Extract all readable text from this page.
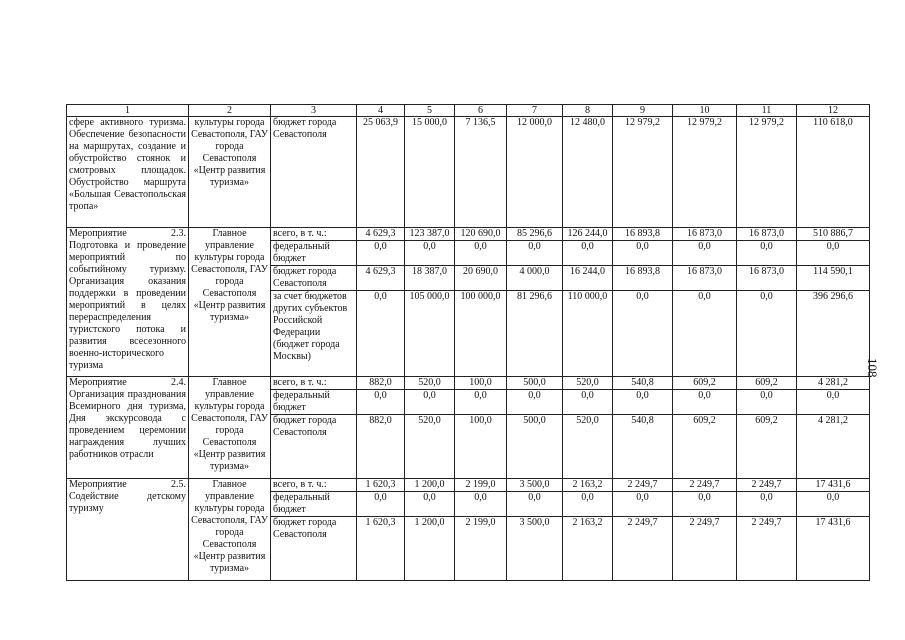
1	2	3	4	5	6	7	8	9	10	11	12
сфере активного туризма. Обеспечение безопасности на маршрутах, создание и обустройство стоянок и смотровых площадок. Обустройство маршрута «Большая Севастопольская тропа»	культуры города Севастополя, ГАУ города Севастополя «Центр развития туризма»	бюджет города Севастополя	25 063,9	15 000,0	7 136,5	12 000,0	12 480,0	12 979,2	12 979,2	12 979,2	110 618,0
Мероприятие 2.3. Подготовка и проведение мероприятий по событийному туризму. Организация оказания поддержки в проведении мероприятий в целях перераспределения туристского потока и развития всесезонного военно-исторического туризма	Главное управление культуры города Севастополя, ГАУ города Севастополя «Центр развития туризма»	всего, в т. ч.:	4 629,3	123 387,0	120 690,0	85 296,6	126 244,0	16 893,8	16 873,0	16 873,0	510 886,7
		федеральный бюджет	0,0	0,0	0,0	0,0	0,0	0,0	0,0	0,0	0,0
		бюджет города Севастополя	4 629,3	18 387,0	20 690,0	4 000,0	16 244,0	16 893,8	16 873,0	16 873,0	114 590,1
		за счет бюджетов других субъектов Российской Федерации (бюджет города Москвы)	0,0	105 000,0	100 000,0	81 296,6	110 000,0	0,0	0,0	0,0	396 296,6
Мероприятие 2.4. Организация празднования Всемирного дня туризма, Дня экскурсовода с проведением церемонии награждения лучших работников отрасли	Главное управление культуры города Севастополя, ГАУ города Севастополя «Центр развития туризма»	всего, в т. ч.:	882,0	520,0	100,0	500,0	520,0	540,8	609,2	609,2	4 281,2
		федеральный бюджет	0,0	0,0	0,0	0,0	0,0	0,0	0,0	0,0	0,0
		бюджет города Севастополя	882,0	520,0	100,0	500,0	520,0	540,8	609,2	609,2	4 281,2
Мероприятие 2.5. Содействие детскому туризму	Главное управление культуры города Севастополя, ГАУ города Севастополя «Центр развития туризма»	всего, в т. ч.:	1 620,3	1 200,0	2 199,0	3 500,0	2 163,2	2 249,7	2 249,7	2 249,7	17 431,6
		федеральный бюджет	0,0	0,0	0,0	0,0	0,0	0,0	0,0	0,0	0,0
		бюджет города Севастополя	1 620,3	1 200,0	2 199,0	3 500,0	2 163,2	2 249,7	2 249,7	2 249,7	17 431,6
108
